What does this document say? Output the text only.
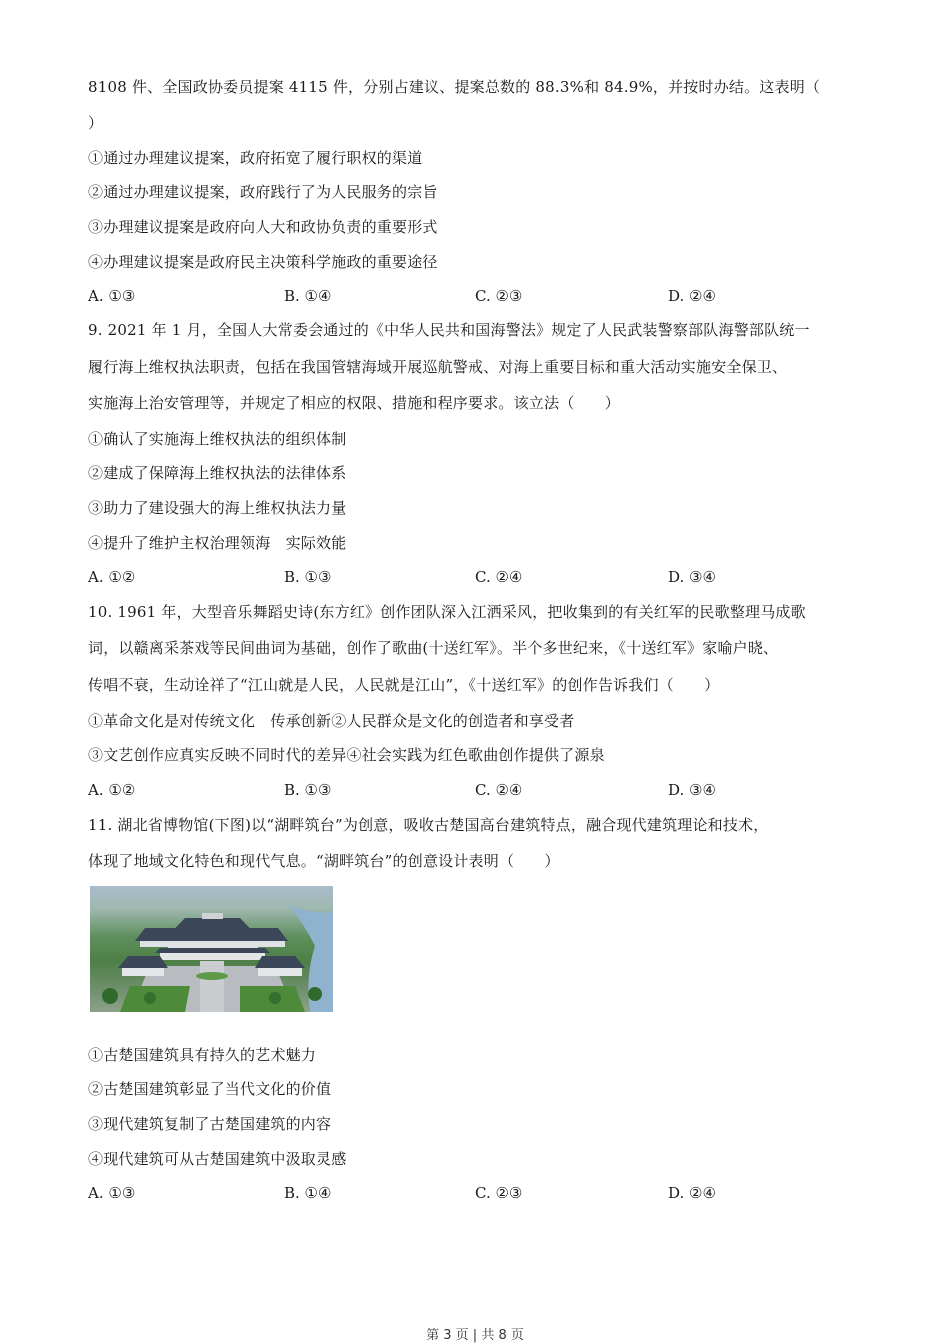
8108 件、全国政协委员提案 4115 件，分别占建议、提案总数的 88.3%和 84.9%，并按时办结。这表明（
）
①通过办理建议提案，政府拓宽了履行职权的渠道
②通过办理建议提案，政府践行了为人民服务的宗旨
③办理建议提案是政府向人大和政协负责的重要形式
④办理建议提案是政府民主决策科学施政的重要途径
A. ①③	B. ①④	C. ②③	D. ②④
9. 2021 年 1 月，全国人大常委会通过的《中华人民共和国海警法》规定了人民武装警察部队海警部队统一
履行海上维权执法职责，包括在我国管辖海域开展巡航警戒、对海上重要目标和重大活动实施安全保卫、
实施海上治安管理等，并规定了相应的权限、措施和程序要求。该立法（　　）
①确认了实施海上维权执法的组织体制
②建成了保障海上维权执法的法律体系
③助力了建设强大的海上维权执法力量
④提升了维护主权治理领海　实际效能
A. ①②	B. ①③	C. ②④	D. ③④
10. 1961 年，大型音乐舞蹈史诗(东方红》创作团队深入江洒采风，把收集到的有关红军的民歌整理马成歌
词，以赣离采茶戏等民间曲词为基础，创作了歌曲(十送红军》。半个多世纪来，《十送红军》家喻户晓、
传唱不衰，生动诠祥了“江山就是人民，人民就是江山”，《十送红军》的创作告诉我们（　　）
①革命文化是对传统文化　传承创新②人民群众是文化的创造者和享受者
③文艺创作应真实反映不同时代的差异④社会实践为红色歌曲创作提供了源泉
A. ①②	B. ①③	C. ②④	D. ③④
11. 湖北省博物馆(下图)以“湖畔筑台”为创意，吸收古楚国高台建筑特点，融合现代建筑理论和技术，
体现了地域文化特色和现代气息。“湖畔筑台”的创意设计表明（　　）
①古楚国建筑具有持久的艺术魅力
②古楚国建筑彰显了当代文化的价值
③现代建筑复制了古楚国建筑的内容
④现代建筑可从古楚国建筑中汲取灵感
A. ①③	B. ①④	C. ②③	D. ②④
第 3 页 | 共 8 页
